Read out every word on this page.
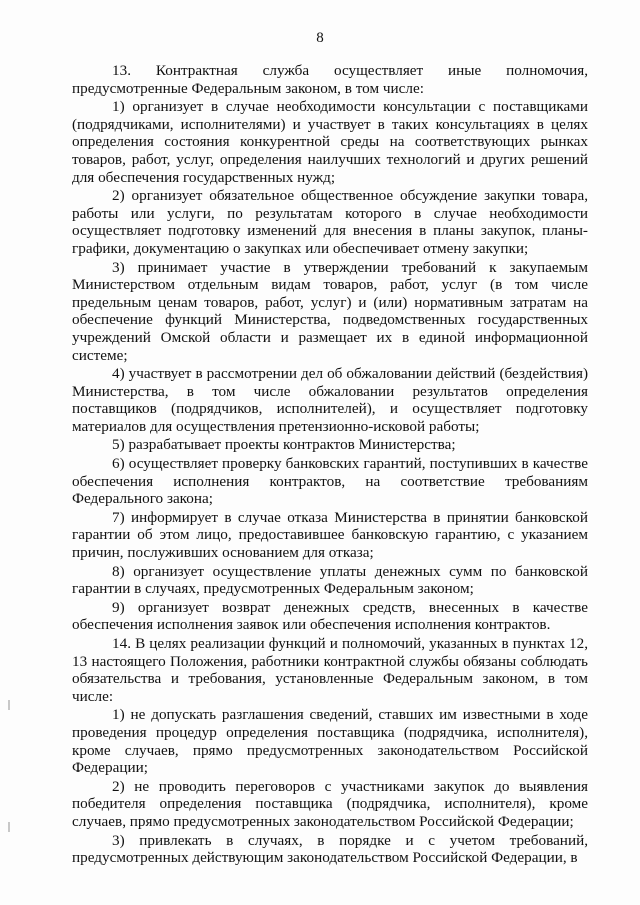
8

13. Контрактная служба осуществляет иные полномочия, предусмотренные Федеральным законом, в том числе:

1) организует в случае необходимости консультации с поставщиками (подрядчиками, исполнителями) и участвует в таких консультациях в целях определения состояния конкурентной среды на соответствующих рынках товаров, работ, услуг, определения наилучших технологий и других решений для обеспечения государственных нужд;

2) организует обязательное общественное обсуждение закупки товара, работы или услуги, по результатам которого в случае необходимости осуществляет подготовку изменений для внесения в планы закупок, планы-графики, документацию о закупках или обеспечивает отмену закупки;

3) принимает участие в утверждении требований к закупаемым Министерством отдельным видам товаров, работ, услуг (в том числе предельным ценам товаров, работ, услуг) и (или) нормативным затратам на обеспечение функций Министерства, подведомственных государственных учреждений Омской области и размещает их в единой информационной системе;

4) участвует в рассмотрении дел об обжаловании действий (бездействия) Министерства, в том числе обжаловании результатов определения поставщиков (подрядчиков, исполнителей), и осуществляет подготовку материалов для осуществления претензионно-исковой работы;

5) разрабатывает проекты контрактов Министерства;

6) осуществляет проверку банковских гарантий, поступивших в качестве обеспечения исполнения контрактов, на соответствие требованиям Федерального закона;

7) информирует в случае отказа Министерства в принятии банковской гарантии об этом лицо, предоставившее банковскую гарантию, с указанием причин, послуживших основанием для отказа;

8) организует осуществление уплаты денежных сумм по банковской гарантии в случаях, предусмотренных Федеральным законом;

9) организует возврат денежных средств, внесенных в качестве обеспечения исполнения заявок или обеспечения исполнения контрактов.

14. В целях реализации функций и полномочий, указанных в пунктах 12, 13 настоящего Положения, работники контрактной службы обязаны соблюдать обязательства и требования, установленные Федеральным законом, в том числе:

1) не допускать разглашения сведений, ставших им известными в ходе проведения процедур определения поставщика (подрядчика, исполнителя), кроме случаев, прямо предусмотренных законодательством Российской Федерации;

2) не проводить переговоров с участниками закупок до выявления победителя определения поставщика (подрядчика, исполнителя), кроме случаев, прямо предусмотренных законодательством Российской Федерации;

3) привлекать в случаях, в порядке и с учетом требований, предусмотренных действующим законодательством Российской Федерации, в
